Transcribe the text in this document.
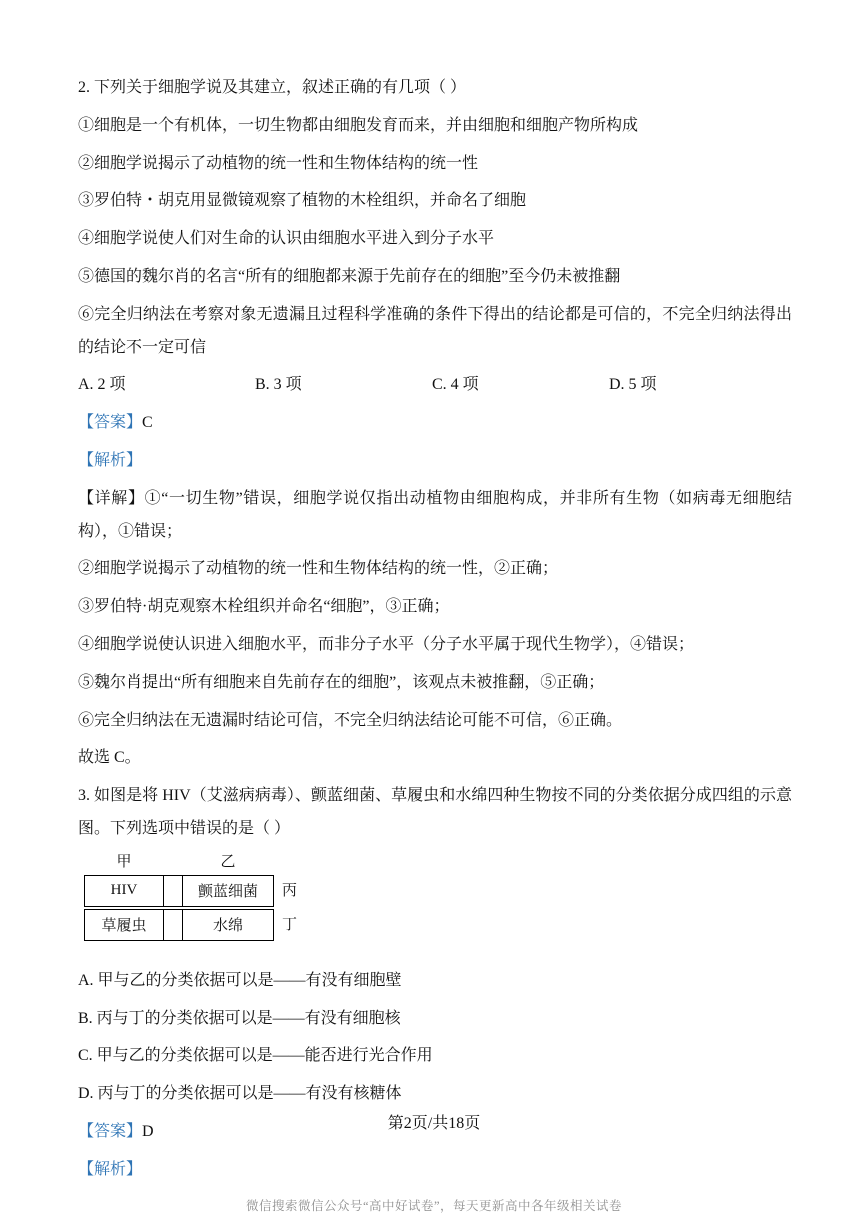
2. 下列关于细胞学说及其建立，叙述正确的有几项（ ）

①细胞是一个有机体，一切生物都由细胞发育而来，并由细胞和细胞产物所构成

②细胞学说揭示了动植物的统一性和生物体结构的统一性

③罗伯特・胡克用显微镜观察了植物的木栓组织，并命名了细胞

④细胞学说使人们对生命的认识由细胞水平进入到分子水平

⑤德国的魏尔肖的名言“所有的细胞都来源于先前存在的细胞”至今仍未被推翻

⑥完全归纳法在考察对象无遗漏且过程科学准确的条件下得出的结论都是可信的，不完全归纳法得出的结论不一定可信

A. 2 项	B. 3 项	C. 4 项	D. 5 项

【答案】C

【解析】

【详解】①“一切生物”错误，细胞学说仅指出动植物由细胞构成，并非所有生物（如病毒无细胞结构），①错误；

②细胞学说揭示了动植物的统一性和生物体结构的统一性，②正确；

③罗伯特·胡克观察木栓组织并命名“细胞”，③正确；

④细胞学说使认识进入细胞水平，而非分子水平（分子水平属于现代生物学），④错误；

⑤魏尔肖提出“所有细胞来自先前存在的细胞”，该观点未被推翻，⑤正确；

⑥完全归纳法在无遗漏时结论可信，不完全归纳法结论可能不可信，⑥正确。

故选 C。

3. 如图是将 HIV（艾滋病病毒）、颤蓝细菌、草履虫和水绵四种生物按不同的分类依据分成四组的示意图。下列选项中错误的是（ ）

甲	乙
HIV	颤蓝细菌	丙
草履虫	水绵	丁

A. 甲与乙的分类依据可以是——有没有细胞壁

B. 丙与丁的分类依据可以是——有没有细胞核

C. 甲与乙的分类依据可以是——能否进行光合作用

D. 丙与丁的分类依据可以是——有没有核糖体

【答案】D

【解析】

第2页/共18页
微信搜索微信公众号“高中好试卷”，每天更新高中各年级相关试卷
